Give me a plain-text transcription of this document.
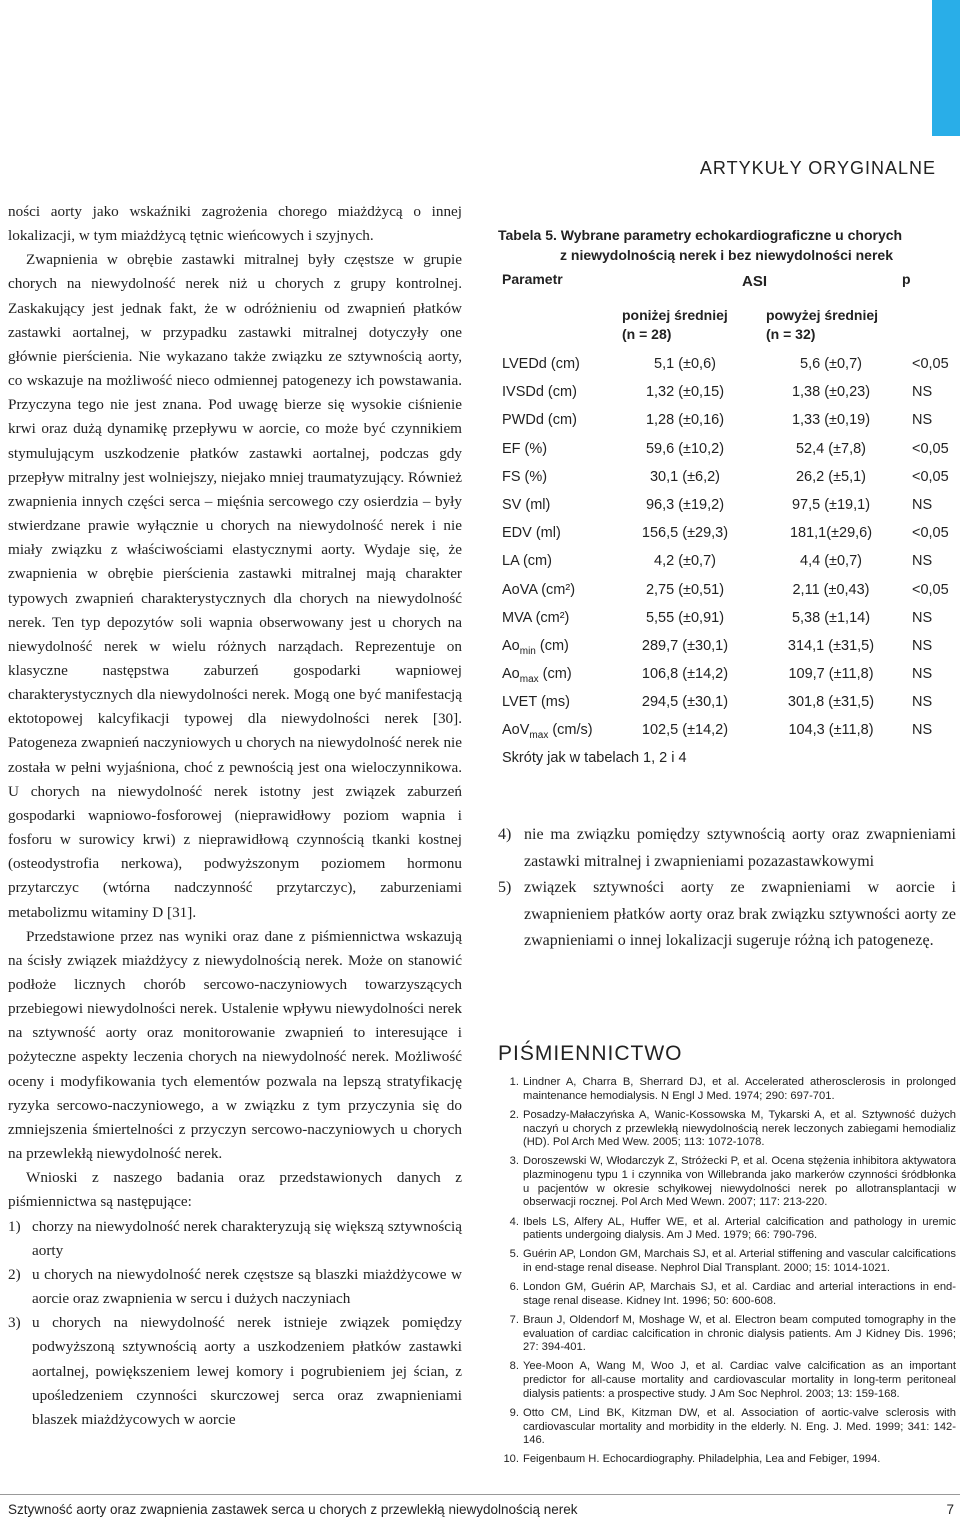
ARTYKUŁY ORYGINALNE

ności aorty jako wskaźniki zagrożenia chorego miażdżycą o innej lokalizacji, w tym miażdżycą tętnic wieńcowych i szyjnych.

Zwapnienia w obrębie zastawki mitralnej były częstsze w grupie chorych na niewydolność nerek niż u chorych z grupy kontrolnej. Zaskakujący jest jednak fakt, że w odróżnieniu od zwapnień płatków zastawki aortalnej, w przypadku zastawki mitralnej dotyczyły one głównie pierścienia. Nie wykazano także związku ze sztywnością aorty, co wskazuje na możliwość nieco odmiennej patogenezy ich powstawania. Przyczyna tego nie jest znana. Pod uwagę bierze się wysokie ciśnienie krwi oraz dużą dynamikę przepływu w aorcie, co może być czynnikiem stymulującym uszkodzenie płatków zastawki aortalnej, podczas gdy przepływ mitralny jest wolniejszy, niejako mniej traumatyzujący. Również zwapnienia innych części serca – mięśnia sercowego czy osierdzia – były stwierdzane prawie wyłącznie u chorych na niewydolność nerek i nie miały związku z właściwościami elastycznymi aorty. Wydaje się, że zwapnienia w obrębie pierścienia zastawki mitralnej mają charakter typowych zwapnień charakterystycznych dla chorych na niewydolność nerek. Ten typ depozytów soli wapnia obserwowany jest u chorych na niewydolność nerek w wielu różnych narządach. Reprezentuje on klasyczne następstwa zaburzeń gospodarki wapniowej charakterystycznych dla niewydolności nerek. Mogą one być manifestacją ektotopowej kalcyfikacji typowej dla niewydolności nerek [30]. Patogeneza zwapnień naczyniowych u chorych na niewydolność nerek nie została w pełni wyjaśniona, choć z pewnością jest ona wieloczynnikowa. U chorych na niewydolność nerek istotny jest związek zaburzeń gospodarki wapniowo-fosforowej (nieprawidłowy poziom wapnia i fosforu w surowicy krwi) z nieprawidłową czynnością tkanki kostnej (osteodystrofia nerkowa), podwyższonym poziomem hormonu przytarczyc (wtórna nadczynność przytarczyc), zaburzeniami metabolizmu witaminy D [31].

Przedstawione przez nas wyniki oraz dane z piśmiennictwa wskazują na ścisły związek miażdżycy z niewydolnością nerek. Może on stanowić podłoże licznych chorób sercowo-naczyniowych towarzyszących przebiegowi niewydolności nerek. Ustalenie wpływu niewydolności nerek na sztywność aorty oraz monitorowanie zwapnień to interesujące i pożyteczne aspekty leczenia chorych na niewydolność nerek. Możliwość oceny i modyfikowania tych elementów pozwala na lepszą stratyfikację ryzyka sercowo-naczyniowego, a w związku z tym przyczynia się do zmniejszenia śmiertelności z przyczyn sercowo-naczyniowych u chorych na przewlekłą niewydolność nerek.

Wnioski z naszego badania oraz przedstawionych danych z piśmiennictwa są następujące:

1) chorzy na niewydolność nerek charakteryzują się większą sztywnością aorty
2) u chorych na niewydolność nerek częstsze są blaszki miażdżycowe w aorcie oraz zwapnienia w sercu i dużych naczyniach
3) u chorych na niewydolność nerek istnieje związek pomiędzy podwyższoną sztywnością aorty a uszkodzeniem płatków zastawki aortalnej, powiększeniem lewej komory i pogrubieniem jej ścian, z upośledzeniem czynności skurczowej serca oraz zwapnieniami blaszek miażdżycowych w aorcie

Tabela 5. Wybrane parametry echokardiograficzne u chorych
z niewydolnością nerek i bez niewydolności nerek

Parametr	ASI	p
poniżej średniej
(n = 28)
powyżej średniej
(n = 32)
LVEDd (cm)	5,1 (±0,6)	5,6 (±0,7)	<0,05
IVSDd (cm)	1,32 (±0,15)	1,38 (±0,23)	NS
PWDd (cm)	1,28 (±0,16)	1,33 (±0,19)	NS
EF (%)	59,6 (±10,2)	52,4 (±7,8)	<0,05
FS (%)	30,1 (±6,2)	26,2 (±5,1)	<0,05
SV (ml)	96,3 (±19,2)	97,5 (±19,1)	NS
EDV (ml)	156,5 (±29,3)	181,1(±29,6)	<0,05
LA (cm)	4,2 (±0,7)	4,4 (±0,7)	NS
AoVA (cm²)	2,75 (±0,51)	2,11 (±0,43)	<0,05
MVA (cm²)	5,55 (±0,91)	5,38 (±1,14)	NS
$Ao_{min}$ (cm)	289,7 (±30,1)	314,1 (±31,5)	NS
$Ao_{max}$ (cm)	106,8 (±14,2)	109,7 (±11,8)	NS
LVET (ms)	294,5 (±30,1)	301,8 (±31,5)	NS
AoV$_{max}$ (cm/s)	102,5 (±14,2)	104,3 (±11,8)	NS
Skróty jak w tabelach 1, 2 i 4
4) nie ma związku pomiędzy sztywnością aorty oraz zwapnieniami zastawki mitralnej i zwapnieniami pozazastawkowymi
5) związek sztywności aorty ze zwapnieniami w aorcie i zwapnieniem płatków aorty oraz brak związku sztywności aorty ze zwapnieniami o innej lokalizacji sugeruje różną ich patogenezę.
PIŚMIENNICTWO
1. Lindner A, Charra B, Sherrard DJ, et al. Accelerated atherosclerosis in prolonged maintenance hemodialysis. N Engl J Med. 1974; 290: 697-701.
2. Posadzy-Małaczyńska A, Wanic-Kossowska M, Tykarski A, et al. Sztywność dużych naczyń u chorych z przewlekłą niewydolnością nerek leczonych zabiegami hemodializ (HD). Pol Arch Med Wew. 2005; 113: 1072-1078.
3. Doroszewski W, Włodarczyk Z, Stróżecki P, et al. Ocena stężenia inhibitora aktywatora plazminogenu typu 1 i czynnika von Willebranda jako markerów czynności śródbłonka u pacjentów w okresie schyłkowej niewydolności nerek po allotransplantacji w obserwacji rocznej. Pol Arch Med Wewn. 2007; 117: 213-220.
4. Ibels LS, Alfery AL, Huffer WE, et al. Arterial calcification and pathology in uremic patients undergoing dialysis. Am J Med. 1979; 66: 790-796.
5. Guérin AP, London GM, Marchais SJ, et al. Arterial stiffening and vascular calcifications in end-stage renal disease. Nephrol Dial Transplant. 2000; 15: 1014-1021.
6. London GM, Guérin AP, Marchais SJ, et al. Cardiac and arterial interactions in end-stage renal disease. Kidney Int. 1996; 50: 600-608.
7. Braun J, Oldendorf M, Moshage W, et al. Electron beam computed tomography in the evaluation of cardiac calcification in chronic dialysis patients. Am J Kidney Dis. 1996; 27: 394-401.
8. Yee-Moon A, Wang M, Woo J, et al. Cardiac valve calcification as an important predictor for all-cause mortality and cardiovascular mortality in long-term peritoneal dialysis patients: a prospective study. J Am Soc Nephrol. 2003; 13: 159-168.
9. Otto CM, Lind BK, Kitzman DW, et al. Association of aortic-valve sclerosis with cardiovascular mortality and morbidity in the elderly. N. Eng. J. Med. 1999; 341: 142-146.
10. Feigenbaum H. Echocardiography. Philadelphia, Lea and Febiger, 1994.
Sztywność aorty oraz zwapnienia zastawek serca u chorych z przewlekłą niewydolnością nerek	7
